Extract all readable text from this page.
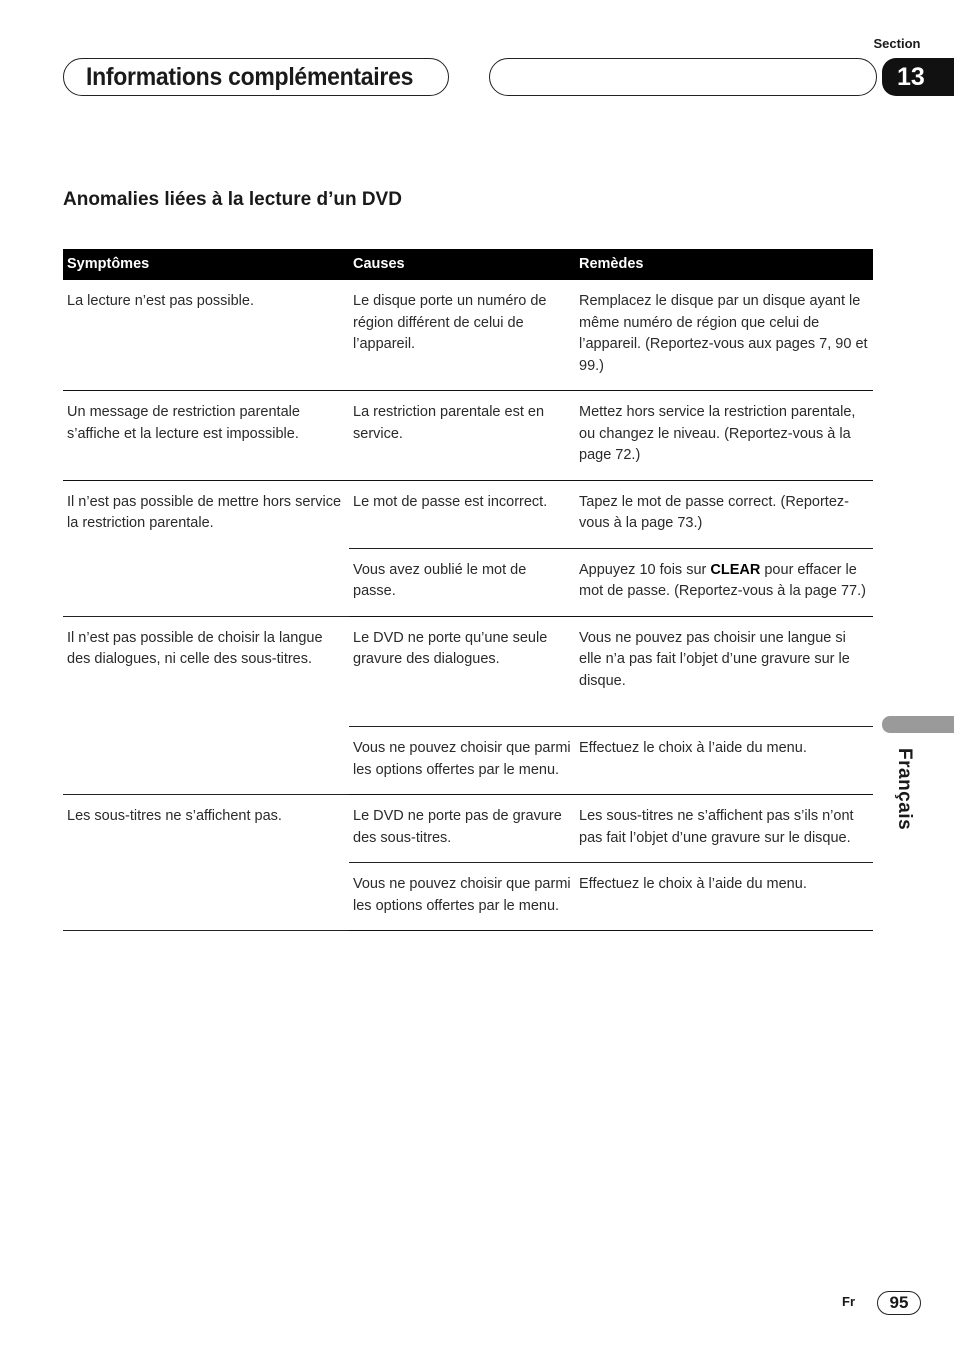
Section
Informations complémentaires	13
Anomalies liées à la lecture d’un DVD
Symptômes	Causes	Remèdes
La lecture n’est pas possible.	Le disque porte un numéro de région différent de celui de l’appareil.	Remplacez le disque par un disque ayant le même numéro de région que celui de l’appareil. (Reportez-vous aux pages 7, 90 et 99.)
Un message de restriction parentale s’affiche et la lecture est impossible.	La restriction parentale est en service.	Mettez hors service la restriction parentale, ou changez le niveau. (Reportez-vous à la page 72.)
Il n’est pas possible de mettre hors service la restriction parentale.	Le mot de passe est incorrect.	Tapez le mot de passe correct. (Reportez-vous à la page 73.)
	Vous avez oublié le mot de passe.	Appuyez 10 fois sur CLEAR pour effacer le mot de passe. (Reportez-vous à la page 77.)
Il n’est pas possible de choisir la langue des dialogues, ni celle des sous-titres.	Le DVD ne porte qu’une seule gravure des dialogues.	Vous ne pouvez pas choisir une langue si elle n’a pas fait l’objet d’une gravure sur le disque.
	Vous ne pouvez choisir que parmi les options offertes par le menu.	Effectuez le choix à l’aide du menu.
Les sous-titres ne s’affichent pas.	Le DVD ne porte pas de gravure des sous-titres.	Les sous-titres ne s’affichent pas s’ils n’ont pas fait l’objet d’une gravure sur le disque.
	Vous ne pouvez choisir que parmi les options offertes par le menu.	Effectuez le choix à l’aide du menu.
Français
Fr	95
